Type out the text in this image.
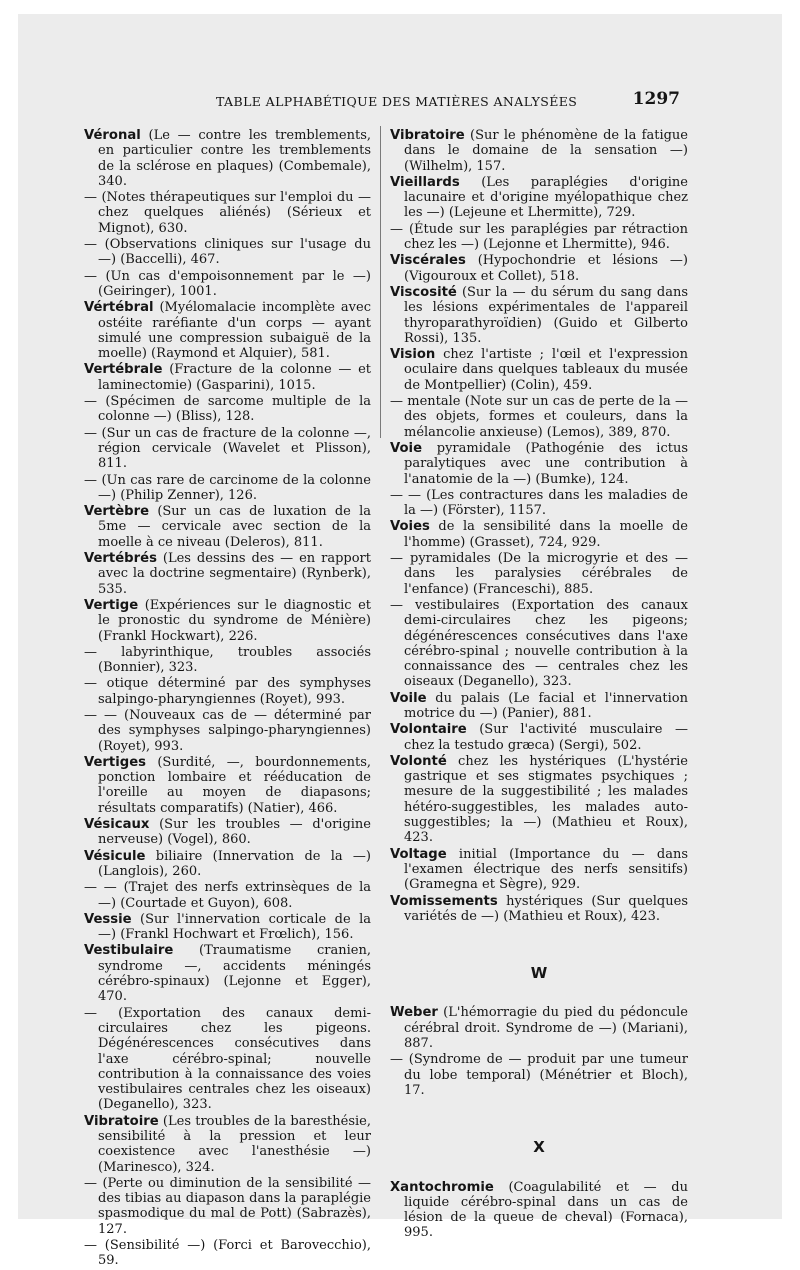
TABLE ALPHABÉTIQUE DES MATIÈRES ANALYSÉES	1297

Véronal (Le — contre les tremblements, en particulier contre les tremblements de la sclérose en plaques) (Combemale), 340.

— (Notes thérapeutiques sur l'emploi du — chez quelques aliénés) (Sérieux et Mignot), 630.

— (Observations cliniques sur l'usage du —) (Baccelli), 467.

— (Un cas d'empoisonnement par le —) (Geiringer), 1001.

Vértébral (Myélomalacie incomplète avec ostéite raréfiante d'un corps — ayant simulé une compression subaiguë de la moelle) (Raymond et Alquier), 581.

Vertébrale (Fracture de la colonne — et laminectomie) (Gasparini), 1015.

— (Spécimen de sarcome multiple de la colonne —) (Bliss), 128.

— (Sur un cas de fracture de la colonne —, région cervicale (Wavelet et Plisson), 811.

— (Un cas rare de carcinome de la colonne —) (Philip Zenner), 126.

Vertèbre (Sur un cas de luxation de la 5me — cervicale avec section de la moelle à ce niveau (Deleros), 811.

Vertébrés (Les dessins des — en rapport avec la doctrine segmentaire) (Rynberk), 535.

Vertige (Expériences sur le diagnostic et le pronostic du syndrome de Ménière) (Frankl Hockwart), 226.

— labyrinthique, troubles associés (Bonnier), 323.

— otique déterminé par des symphyses salpingo-pharyngiennes (Royet), 993.

— — (Nouveaux cas de — déterminé par des symphyses salpingo-pharyngiennes) (Royet), 993.

Vertiges (Surdité, —, bourdonnements, ponction lombaire et rééducation de l'oreille au moyen de diapasons; résultats comparatifs) (Natier), 466.

Vésicaux (Sur les troubles — d'origine nerveuse) (Vogel), 860.

Vésicule biliaire (Innervation de la —) (Langlois), 260.

— — (Trajet des nerfs extrinsèques de la —) (Courtade et Guyon), 608.

Vessie (Sur l'innervation corticale de la —) (Frankl Hochwart et Frœlich), 156.

Vestibulaire (Traumatisme cranien, syndrome —, accidents méningés cérébro-spinaux) (Lejonne et Egger), 470.

— (Exportation des canaux demi-circulaires chez les pigeons. Dégénérescences consécutives dans l'axe cérébro-spinal; nouvelle contribution à la connaissance des voies vestibulaires centrales chez les oiseaux) (Deganello), 323.

Vibratoire (Les troubles de la baresthésie, sensibilité à la pression et leur coexistence avec l'anesthésie —) (Marinesco), 324.

— (Perte ou diminution de la sensibilité — des tibias au diapason dans la paraplégie spasmodique du mal de Pott) (Sabrazès), 127.

— (Sensibilité —) (Forci et Barovecchio), 59.

Vibratoire (Sur le phénomène de la fatigue dans le domaine de la sensation —) (Wilhelm), 157.

Vieillards (Les paraplégies d'origine lacunaire et d'origine myélopathique chez les —) (Lejeune et Lhermitte), 729.

— (Étude sur les paraplégies par rétraction chez les —) (Lejonne et Lhermitte), 946.

Viscérales (Hypochondrie et lésions —) (Vigouroux et Collet), 518.

Viscosité (Sur la — du sérum du sang dans les lésions expérimentales de l'appareil thyroparathyroïdien) (Guido et Gilberto Rossi), 135.

Vision chez l'artiste ; l'œil et l'expression oculaire dans quelques tableaux du musée de Montpellier) (Colin), 459.

— mentale (Note sur un cas de perte de la — des objets, formes et couleurs, dans la mélancolie anxieuse) (Lemos), 389, 870.

Voie pyramidale (Pathogénie des ictus paralytiques avec une contribution à l'anatomie de la —) (Bumke), 124.

— — (Les contractures dans les maladies de la —) (Förster), 1157.

Voies de la sensibilité dans la moelle de l'homme) (Grasset), 724, 929.

— pyramidales (De la microgyrie et des — dans les paralysies cérébrales de l'enfance) (Franceschi), 885.

— vestibulaires (Exportation des canaux demi-circulaires chez les pigeons; dégénérescences consécutives dans l'axe cérébro-spinal ; nouvelle contribution à la connaissance des — centrales chez les oiseaux (Deganello), 323.

Voile du palais (Le facial et l'innervation motrice du —) (Panier), 881.

Volontaire (Sur l'activité musculaire — chez la testudo græca) (Sergi), 502.

Volonté chez les hystériques (L'hystérie gastrique et ses stigmates psychiques ; mesure de la suggestibilité ; les malades hétéro-suggestibles, les malades auto-suggestibles; la —) (Mathieu et Roux), 423.

Voltage initial (Importance du — dans l'examen électrique des nerfs sensitifs) (Gramegna et Sègre), 929.

Vomissements hystériques (Sur quelques variétés de —) (Mathieu et Roux), 423.

W

Weber (L'hémorragie du pied du pédoncule cérébral droit. Syndrome de —) (Mariani), 887.

— (Syndrome de — produit par une tumeur du lobe temporal) (Ménétrier et Bloch), 17.

X

Xantochromie (Coagulabilité et — du liquide cérébro-spinal dans un cas de lésion de la queue de cheval) (Fornaca), 995.
